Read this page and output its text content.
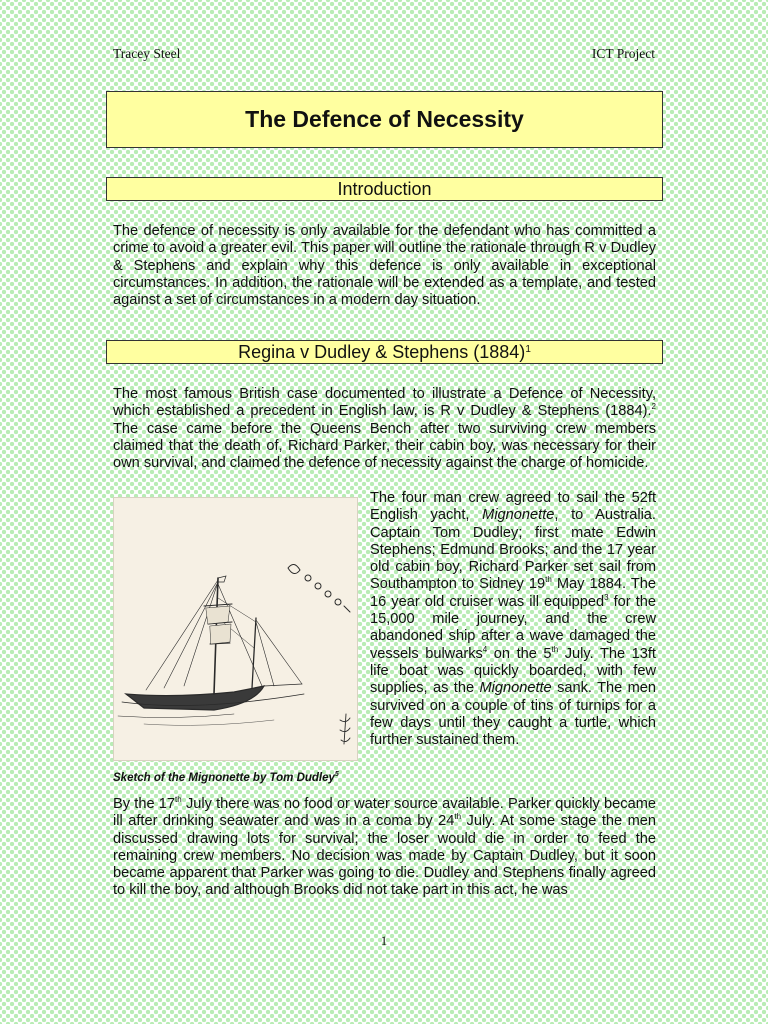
Tracey Steel	ICT Project
The Defence of Necessity
Introduction

The defence of necessity is only available for the defendant who has committed a crime to avoid a greater evil. This paper will outline the rationale through R v Dudley & Stephens and explain why this defence is only available in exceptional circumstances. In addition, the rationale will be extended as a template, and tested against a set of circumstances in a modern day situation.

Regina v Dudley & Stephens $(1884)^1$

The most famous British case documented to illustrate a Defence of Necessity, which established a precedent in English law, is R v Dudley & Stephens (1884).$^2$ The case came before the Queens Bench after two surviving crew members claimed that the death of, Richard Parker, their cabin boy, was necessary for their own survival, and claimed the defence of necessity against the charge of homicide.

The four man crew agreed to sail the 52ft English yacht, Mignonette, to Australia. Captain Tom Dudley; first mate Edwin Stephens; Edmund Brooks; and the 17 year old cabin boy, Richard Parker set sail from Southampton to Sidney 19th May 1884. The 16 year old cruiser was ill equipped$^3$ for the 15,000 mile journey, and the crew abandoned ship after a wave damaged the vessels bulwarks$^4$ on the 5th July. The 13ft life boat was quickly boarded, with few supplies, as the Mignonette sank. The men survived on a couple of tins of turnips for a few days until they caught a turtle, which further sustained them.

Sketch of the Mignonette by Tom Dudley$^5$

By the 17th July there was no food or water source available. Parker quickly became ill after drinking seawater and was in a coma by 24th July. At some stage the men discussed drawing lots for survival; the loser would die in order to feed the remaining crew members. No decision was made by Captain Dudley, but it soon became apparent that Parker was going to die. Dudley and Stephens finally agreed to kill the boy, and although Brooks did not take part in this act, he was

1
